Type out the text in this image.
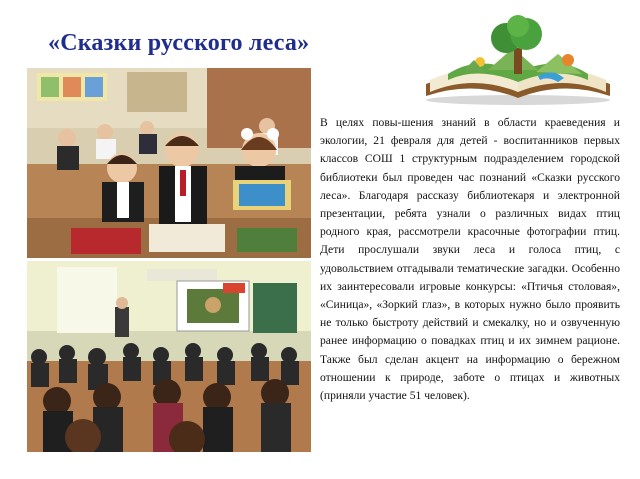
«Сказки русского леса»

В целях повы-шения знаний в области краеведения и экологии, 21 февраля для детей - воспитанников первых классов СОШ 1 структурным подразделением городской библиотеки был проведен час познаний «Сказки русского леса». Благодаря рассказу библиотекаря и электронной презентации, ребята узнали о различных видах птиц родного края, рассмотрели красочные фотографии птиц. Дети прослушали звуки леса и голоса птиц, с удовольствием отгадывали тематические загадки. Особенно их заинтересовали игровые конкурсы: «Птичья столовая», «Синица», «Зоркий глаз», в которых нужно было проявить не только быстроту действий и смекалку, но и озвученную ранее информацию о повадках птиц и их зимнем рационе. Также был сделан акцент на информацию о бережном отношении к природе, заботе о птицах и животных (приняли участие 51 человек).
